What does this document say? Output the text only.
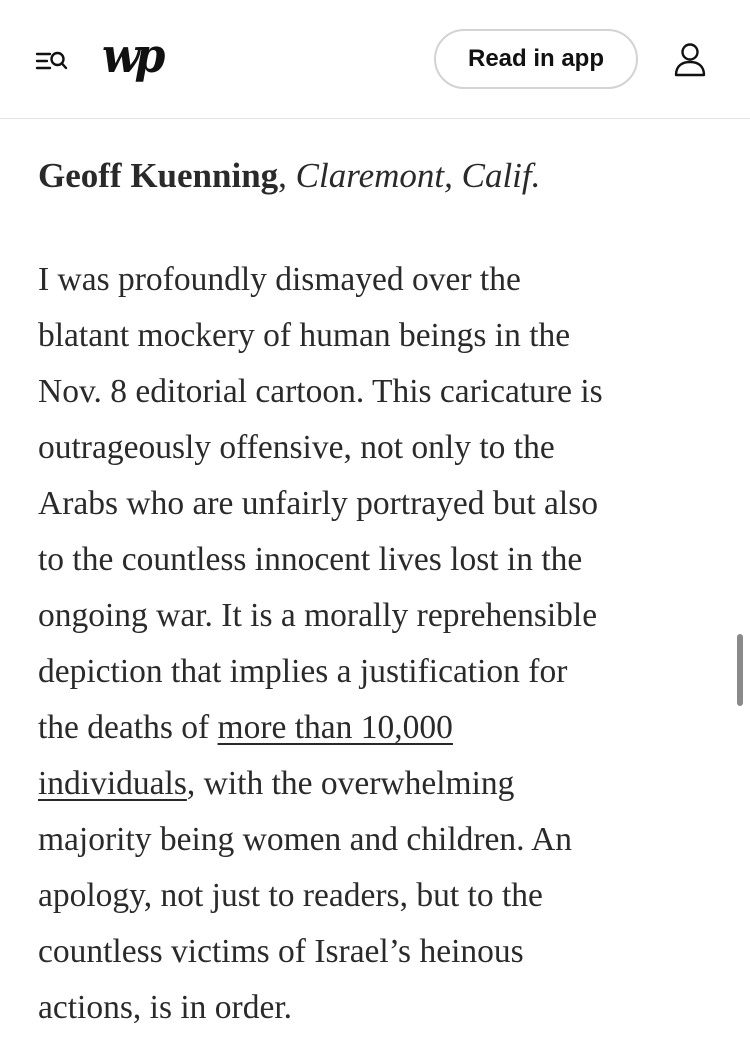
wp	Read in app
Geoff Kuenning, Claremont, Calif.
I was profoundly dismayed over the
blatant mockery of human beings in the
Nov. 8 editorial cartoon. This caricature is
outrageously offensive, not only to the
Arabs who are unfairly portrayed but also
to the countless innocent lives lost in the
ongoing war. It is a morally reprehensible
depiction that implies a justification for
the deaths of more than 10,000
individuals, with the overwhelming
majority being women and children. An
apology, not just to readers, but to the
countless victims of Israel’s heinous
actions, is in order.
